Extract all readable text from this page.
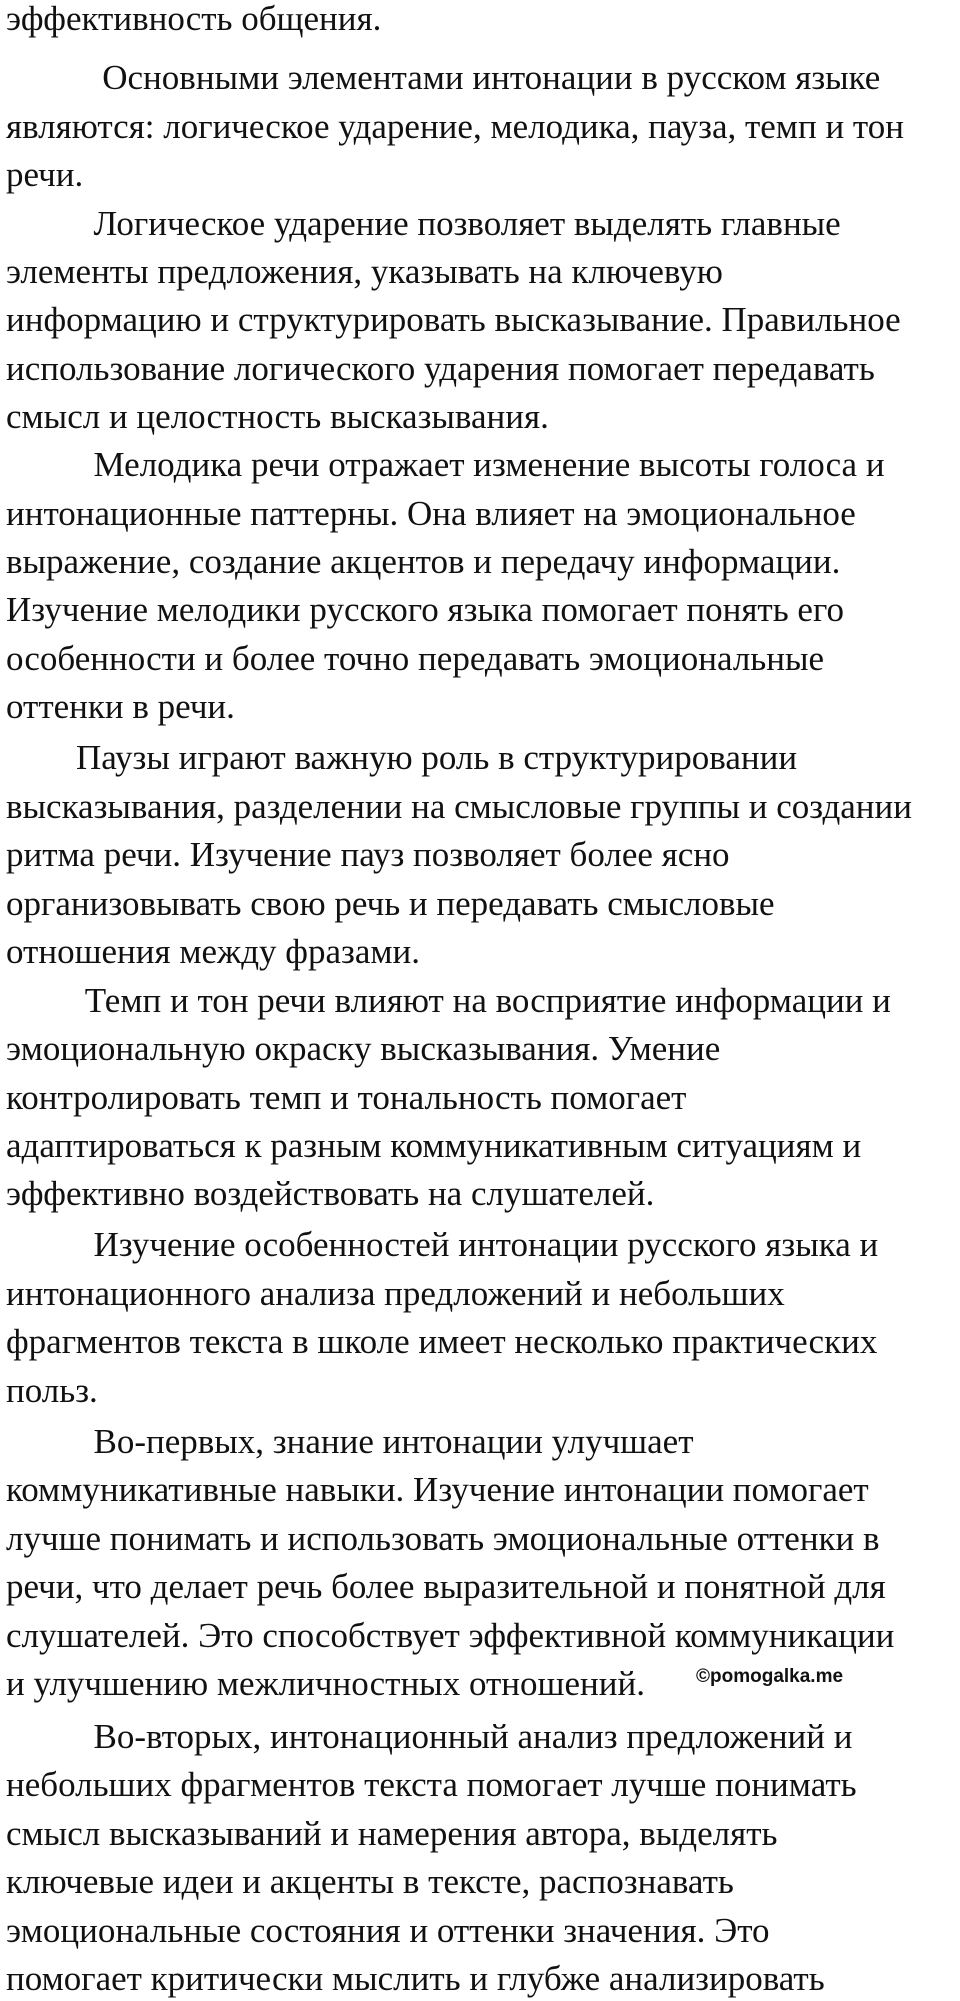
эффективность общения.
Основными элементами интонации в русском языке
являются: логическое ударение, мелодика, пауза, темп и тон
речи.
Логическое ударение позволяет выделять главные
элементы предложения, указывать на ключевую
информацию и структурировать высказывание. Правильное
использование логического ударения помогает передавать
смысл и целостность высказывания.
Мелодика речи отражает изменение высоты голоса и
интонационные паттерны. Она влияет на эмоциональное
выражение, создание акцентов и передачу информации.
Изучение мелодики русского языка помогает понять его
особенности и более точно передавать эмоциональные
оттенки в речи.
Паузы играют важную роль в структурировании
высказывания, разделении на смысловые группы и создании
ритма речи. Изучение пауз позволяет более ясно
организовывать свою речь и передавать смысловые
отношения между фразами.
Темп и тон речи влияют на восприятие информации и
эмоциональную окраску высказывания. Умение
контролировать темп и тональность помогает
адаптироваться к разным коммуникативным ситуациям и
эффективно воздействовать на слушателей.
Изучение особенностей интонации русского языка и
интонационного анализа предложений и небольших
фрагментов текста в школе имеет несколько практических
польз.
Во-первых, знание интонации улучшает
коммуникативные навыки. Изучение интонации помогает
лучше понимать и использовать эмоциональные оттенки в
речи, что делает речь более выразительной и понятной для
слушателей. Это способствует эффективной коммуникации
и улучшению межличностных отношений.
Во-вторых, интонационный анализ предложений и
небольших фрагментов текста помогает лучше понимать
смысл высказываний и намерения автора, выделять
ключевые идеи и акценты в тексте, распознавать
эмоциональные состояния и оттенки значения. Это
помогает критически мыслить и глубже анализировать
©pomogalka.me
